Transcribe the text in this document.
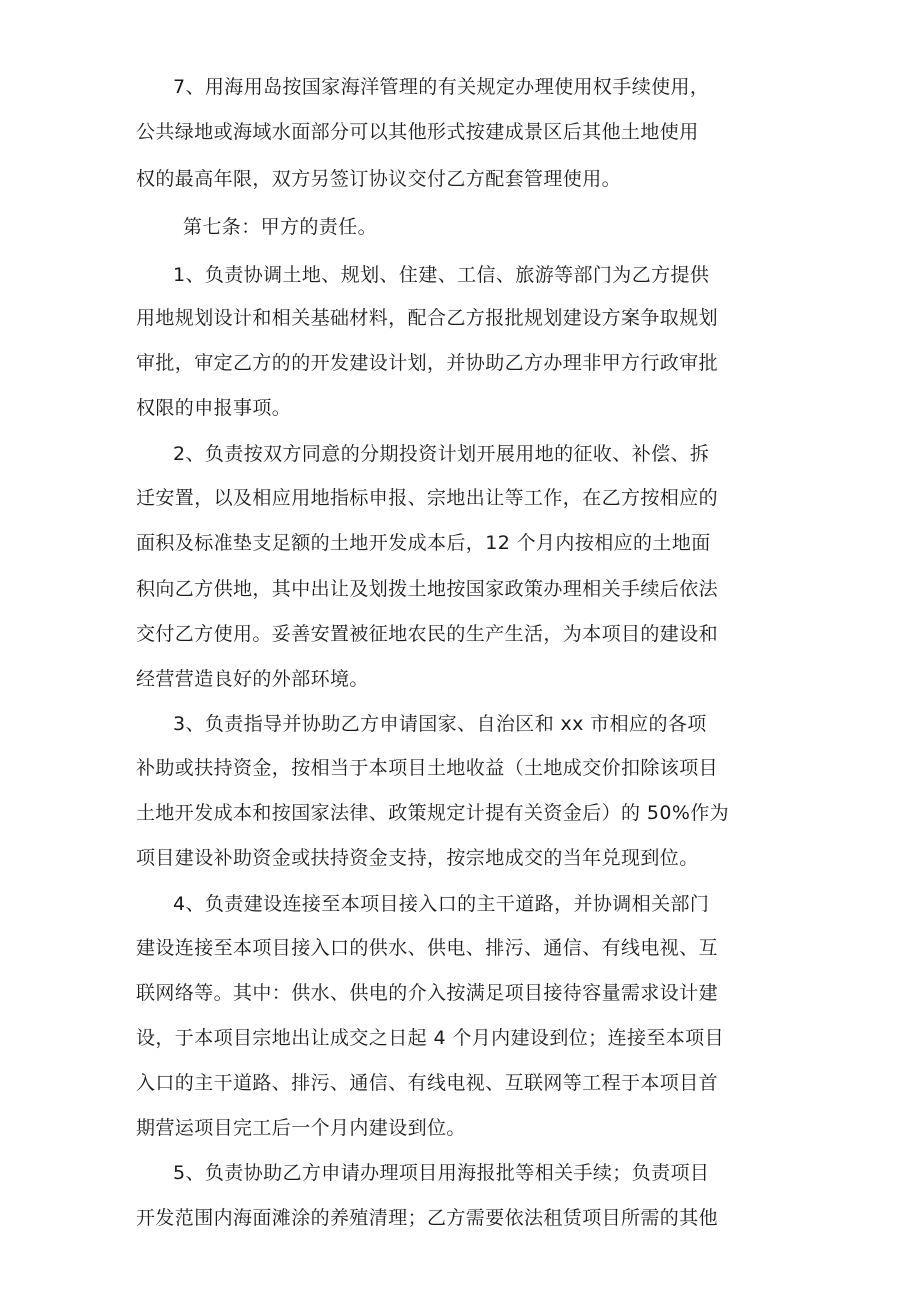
7、用海用岛按国家海洋管理的有关规定办理使用权手续使用，
公共绿地或海域水面部分可以其他形式按建成景区后其他土地使用
权的最高年限，双方另签订协议交付乙方配套管理使用。
第七条：甲方的责任。
1、负责协调土地、规划、住建、工信、旅游等部门为乙方提供
用地规划设计和相关基础材料，配合乙方报批规划建设方案争取规划
审批，审定乙方的的开发建设计划，并协助乙方办理非甲方行政审批
权限的申报事项。
2、负责按双方同意的分期投资计划开展用地的征收、补偿、拆
迁安置，以及相应用地指标申报、宗地出让等工作，在乙方按相应的
面积及标准垫支足额的土地开发成本后，12 个月内按相应的土地面
积向乙方供地，其中出让及划拨土地按国家政策办理相关手续后依法
交付乙方使用。妥善安置被征地农民的生产生活，为本项目的建设和
经营营造良好的外部环境。
3、负责指导并协助乙方申请国家、自治区和 xx 市相应的各项
补助或扶持资金，按相当于本项目土地收益（土地成交价扣除该项目
土地开发成本和按国家法律、政策规定计提有关资金后）的 50%作为
项目建设补助资金或扶持资金支持，按宗地成交的当年兑现到位。
4、负责建设连接至本项目接入口的主干道路，并协调相关部门
建设连接至本项目接入口的供水、供电、排污、通信、有线电视、互
联网络等。其中：供水、供电的介入按满足项目接待容量需求设计建
设，于本项目宗地出让成交之日起 4 个月内建设到位；连接至本项目
入口的主干道路、排污、通信、有线电视、互联网等工程于本项目首
期营运项目完工后一个月内建设到位。
5、负责协助乙方申请办理项目用海报批等相关手续；负责项目
开发范围内海面滩涂的养殖清理；乙方需要依法租赁项目所需的其他
